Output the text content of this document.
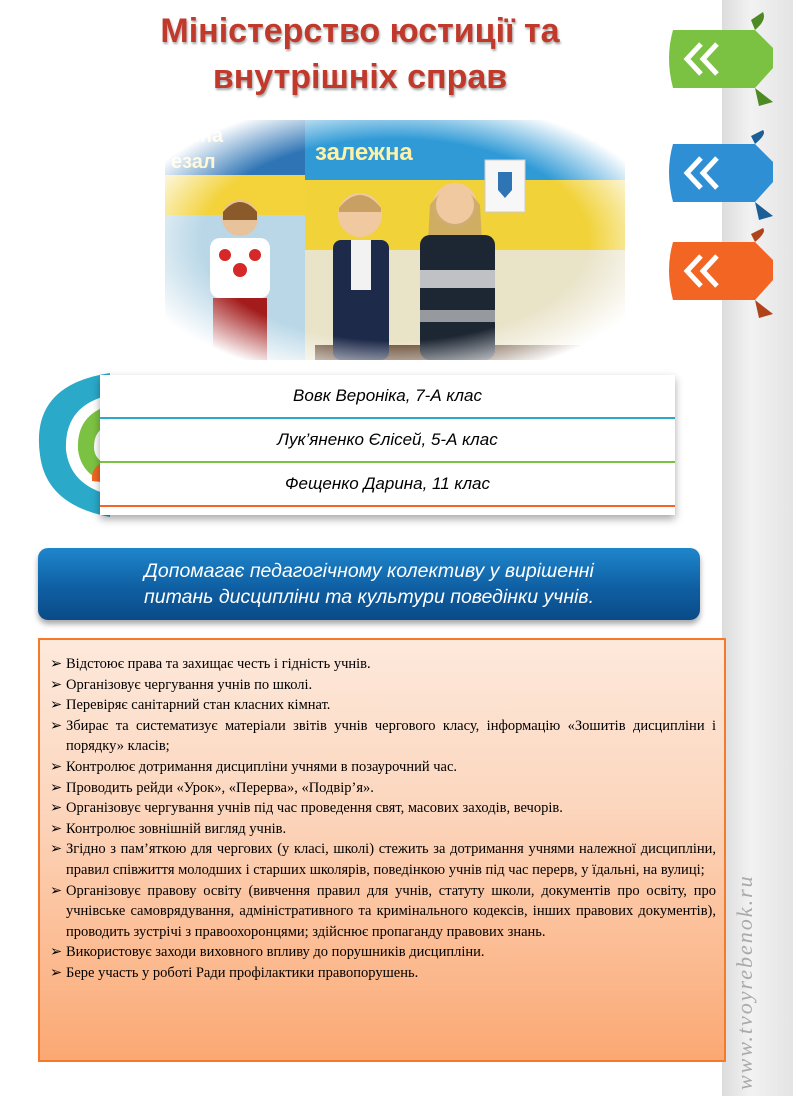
Міністерство юстиції та
внутрішніх справ
Вовк Вероніка, 7-А клас
Лук’яненко Єлісей, 5-А клас
Фещенко Дарина, 11 клас
Допомагає педагогічному колективу у вирішенні
питань дисципліни та культури поведінки учнів.
➢ Відстоює права та захищає честь і гідність учнів.
➢ Організовує чергування учнів по школі.
➢ Перевіряє санітарний стан класних кімнат.
➢ Збирає та систематизує матеріали звітів учнів чергового класу, інформацію «Зошитів дисципліни і порядку» класів;
➢ Контролює дотримання дисципліни учнями в позаурочний час.
➢ Проводить рейди «Урок», «Перерва», «Подвір’я».
➢ Організовує чергування учнів під час проведення свят, масових заходів, вечорів.
➢ Контролює зовнішній вигляд учнів.
➢ Згідно з пам’яткою для чергових (у класі, школі) стежить за дотримання учнями належної дисципліни, правил співжиття молодших і старших школярів, поведінкою учнів під час перерв, у їдальні, на вулиці;
➢ Організовує правову освіту (вивчення правил для учнів, статуту школи, документів про освіту, про учнівське самоврядування, адміністративного та кримінального кодексів, інших правових документів), проводить зустрічі з правоохоронцями; здійснює пропаганду правових знань.
➢ Використовує заходи виховного впливу до порушників дисципліни.
➢ Бере участь у роботі Ради профілактики правопорушень.	www.tvoyrebenok.ru
